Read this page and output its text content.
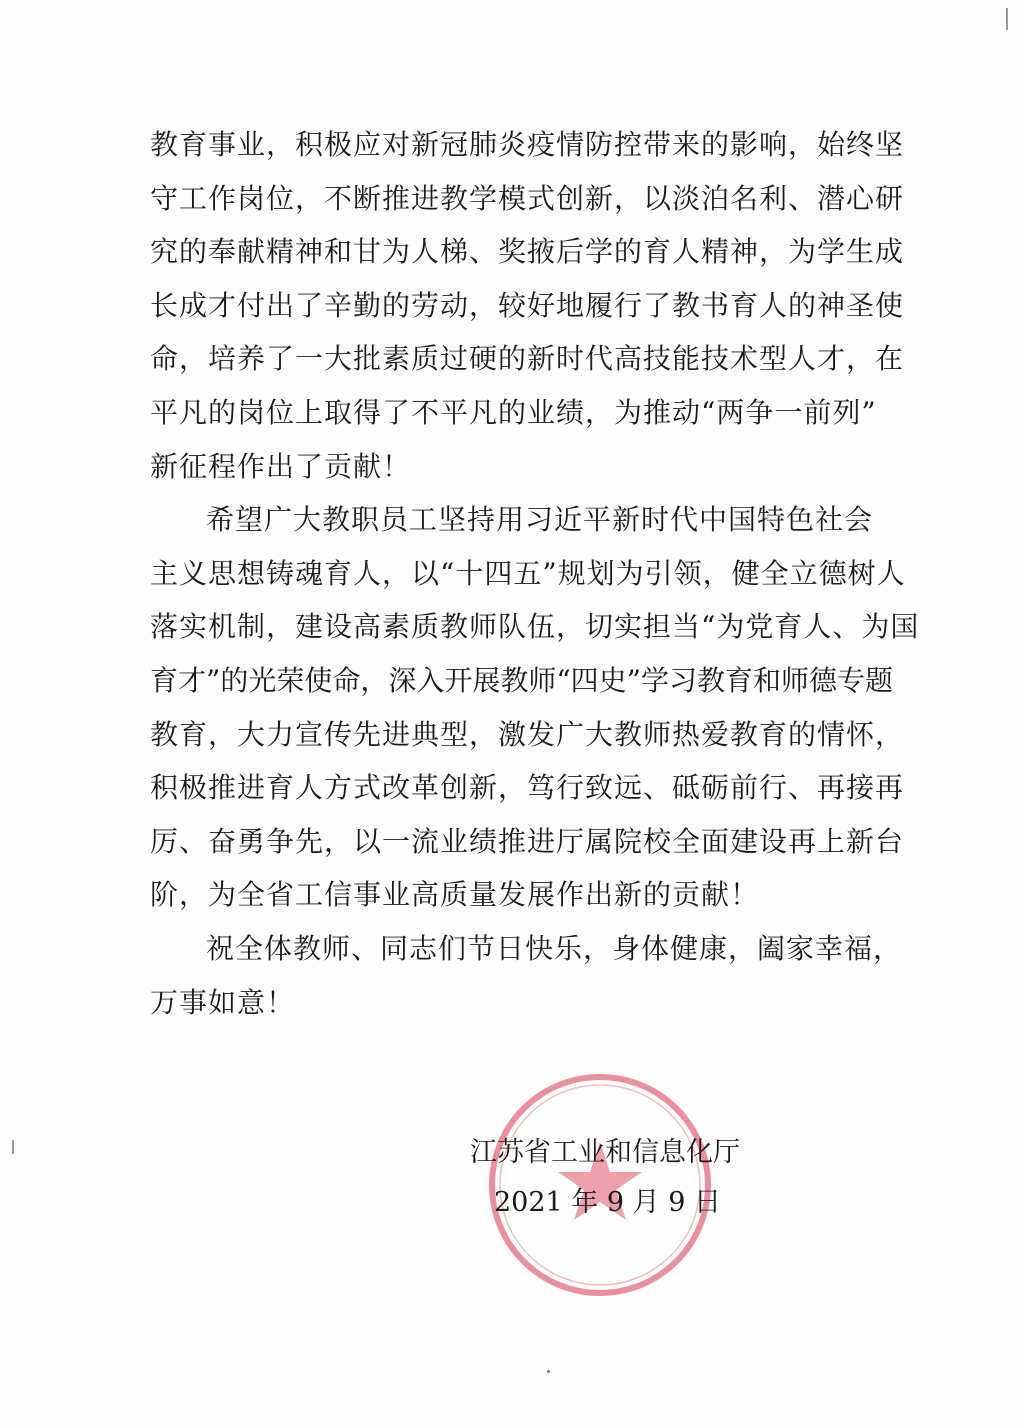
教育事业，积极应对新冠肺炎疫情防控带来的影响，始终坚
守工作岗位，不断推进教学模式创新，以淡泊名利、潜心研
究的奉献精神和甘为人梯、奖掖后学的育人精神，为学生成
长成才付出了辛勤的劳动，较好地履行了教书育人的神圣使
命，培养了一大批素质过硬的新时代高技能技术型人才，在
平凡的岗位上取得了不平凡的业绩，为推动“两争一前列”
新征程作出了贡献！
希望广大教职员工坚持用习近平新时代中国特色社会
主义思想铸魂育人，以“十四五”规划为引领，健全立德树人
落实机制，建设高素质教师队伍，切实担当“为党育人、为国
育才”的光荣使命，深入开展教师“四史”学习教育和师德专题
教育，大力宣传先进典型，激发广大教师热爱教育的情怀，
积极推进育人方式改革创新，笃行致远、砥砺前行、再接再
厉、奋勇争先，以一流业绩推进厅属院校全面建设再上新台
阶，为全省工信事业高质量发展作出新的贡献！
祝全体教师、同志们节日快乐，身体健康，阖家幸福，
万事如意！
江苏省工业和信息化厅
2021 年 9 月 9 日
